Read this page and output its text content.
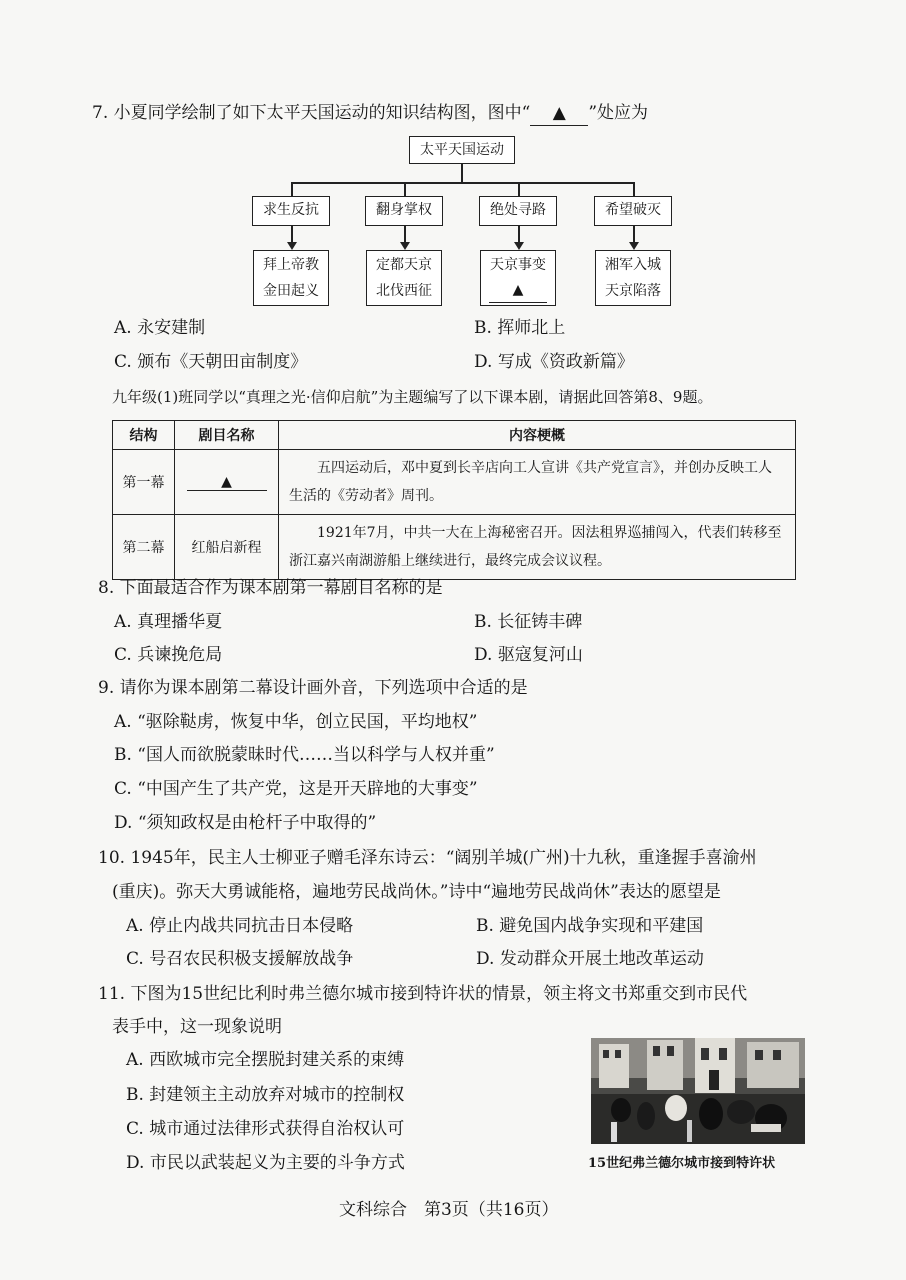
7. 小夏同学绘制了如下太平天国运动的知识结构图，图中“ ▲ ”处应为
太平天国运动
求生反抗	翻身掌权	绝处寻路	希望破灭
拜上帝教
金田起义
定都天京
北伐西征
天京事变
▲
湘军入城
天京陷落
A. 永安建制	B. 挥师北上
C. 颁布《天朝田亩制度》	D. 写成《资政新篇》
九年级(1)班同学以“真理之光·信仰启航”为主题编写了以下课本剧，请据此回答第8、9题。
结构	剧目名称	内容梗概
第一幕	▲	五四运动后，邓中夏到长辛店向工人宣讲《共产党宣言》，并创办反映工人生活的《劳动者》周刊。
第二幕	红船启新程	1921年7月，中共一大在上海秘密召开。因法租界巡捕闯入，代表们转移至浙江嘉兴南湖游船上继续进行，最终完成会议议程。
8. 下面最适合作为课本剧第一幕剧目名称的是
A. 真理播华夏	B. 长征铸丰碑
C. 兵谏挽危局	D. 驱寇复河山
9. 请你为课本剧第二幕设计画外音，下列选项中合适的是
A. “驱除鞑虏，恢复中华，创立民国，平均地权”
B. “国人而欲脱蒙昧时代……当以科学与人权并重”
C. “中国产生了共产党，这是开天辟地的大事变”
D. “须知政权是由枪杆子中取得的”
10. 1945年，民主人士柳亚子赠毛泽东诗云：“阔别羊城(广州)十九秋，重逢握手喜渝州
(重庆)。弥天大勇诚能格，遍地劳民战尚休。”诗中“遍地劳民战尚休”表达的愿望是
A. 停止内战共同抗击日本侵略	B. 避免国内战争实现和平建国
C. 号召农民积极支援解放战争	D. 发动群众开展土地改革运动
11. 下图为15世纪比利时弗兰德尔城市接到特许状的情景，领主将文书郑重交到市民代
表手中，这一现象说明
A. 西欧城市完全摆脱封建关系的束缚
B. 封建领主主动放弃对城市的控制权
C. 城市通过法律形式获得自治权认可
D. 市民以武装起义为主要的斗争方式	15世纪弗兰德尔城市接到特许状
文科综合　第3页（共16页）
